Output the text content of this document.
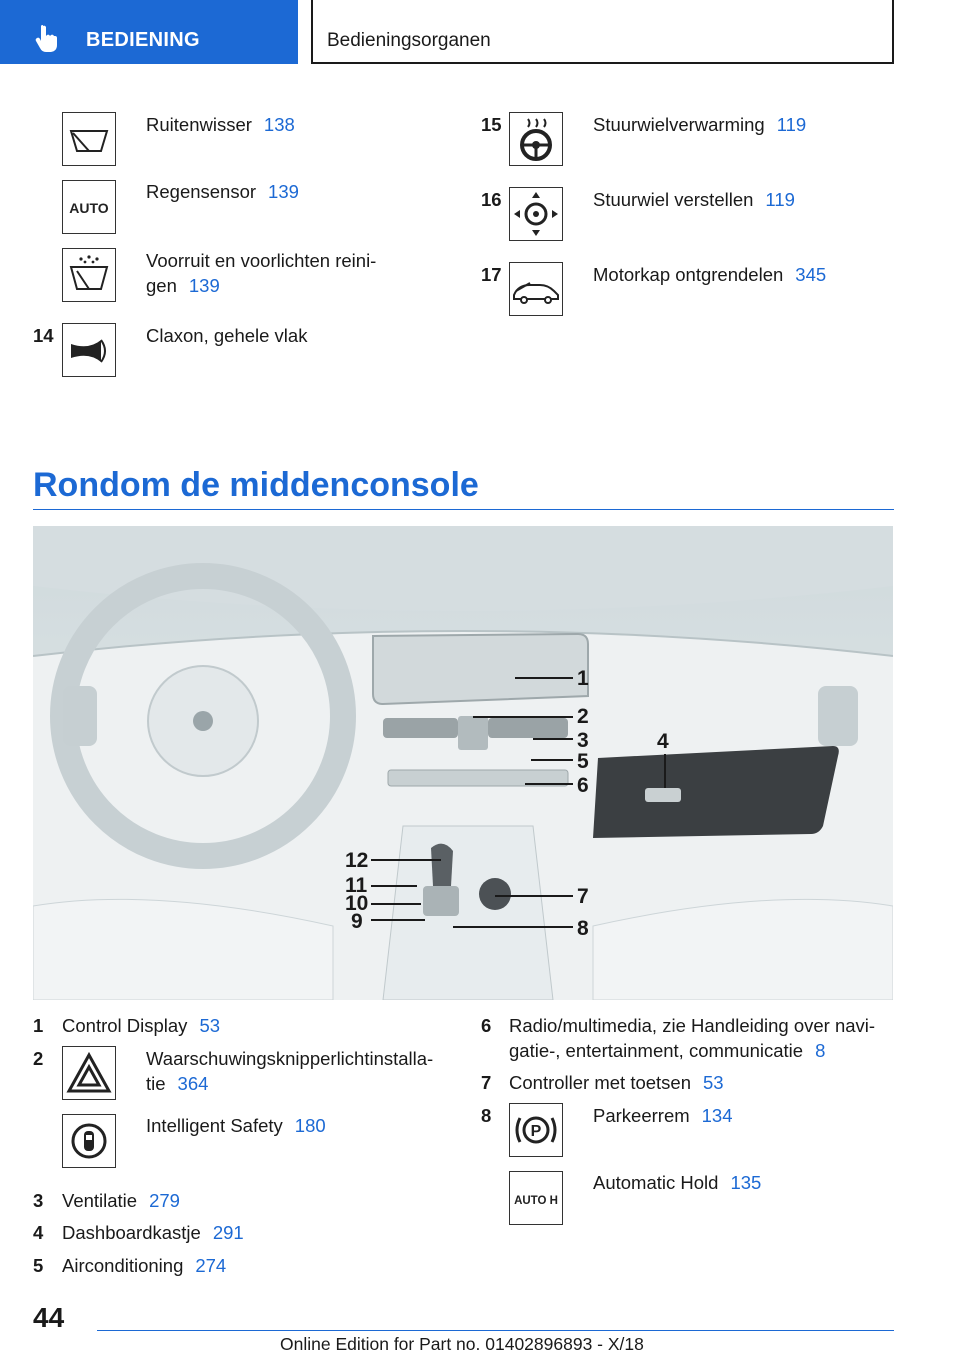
BEDIENING	Bedieningsorganen
Ruitenwisser 138
AUTO
Regensensor 139
Voorruit en voorlichten reini-
gen 139
14	Claxon, gehele vlak
15	Stuurwielverwarming 119
16	Stuurwiel verstellen 119
17	Motorkap ontgrendelen 345
Rondom de middenconsole
1
2
3
5
6
4
12
11
10
9
7
8
1 Control Display 53
2	Waarschuwingsknipperlichtinstalla-
tie 364
Intelligent Safety 180
3 Ventilatie 279
4 Dashboardkastje 291
5 Airconditioning 274
6 Radio/multimedia, zie Handleiding over navi-
gatie-, entertainment, communicatie 8
7 Controller met toetsen 53
8
P
Parkeerrem 134
AUTO H
Automatic Hold 135
44
Online Edition for Part no. 01402896893 - X/18
